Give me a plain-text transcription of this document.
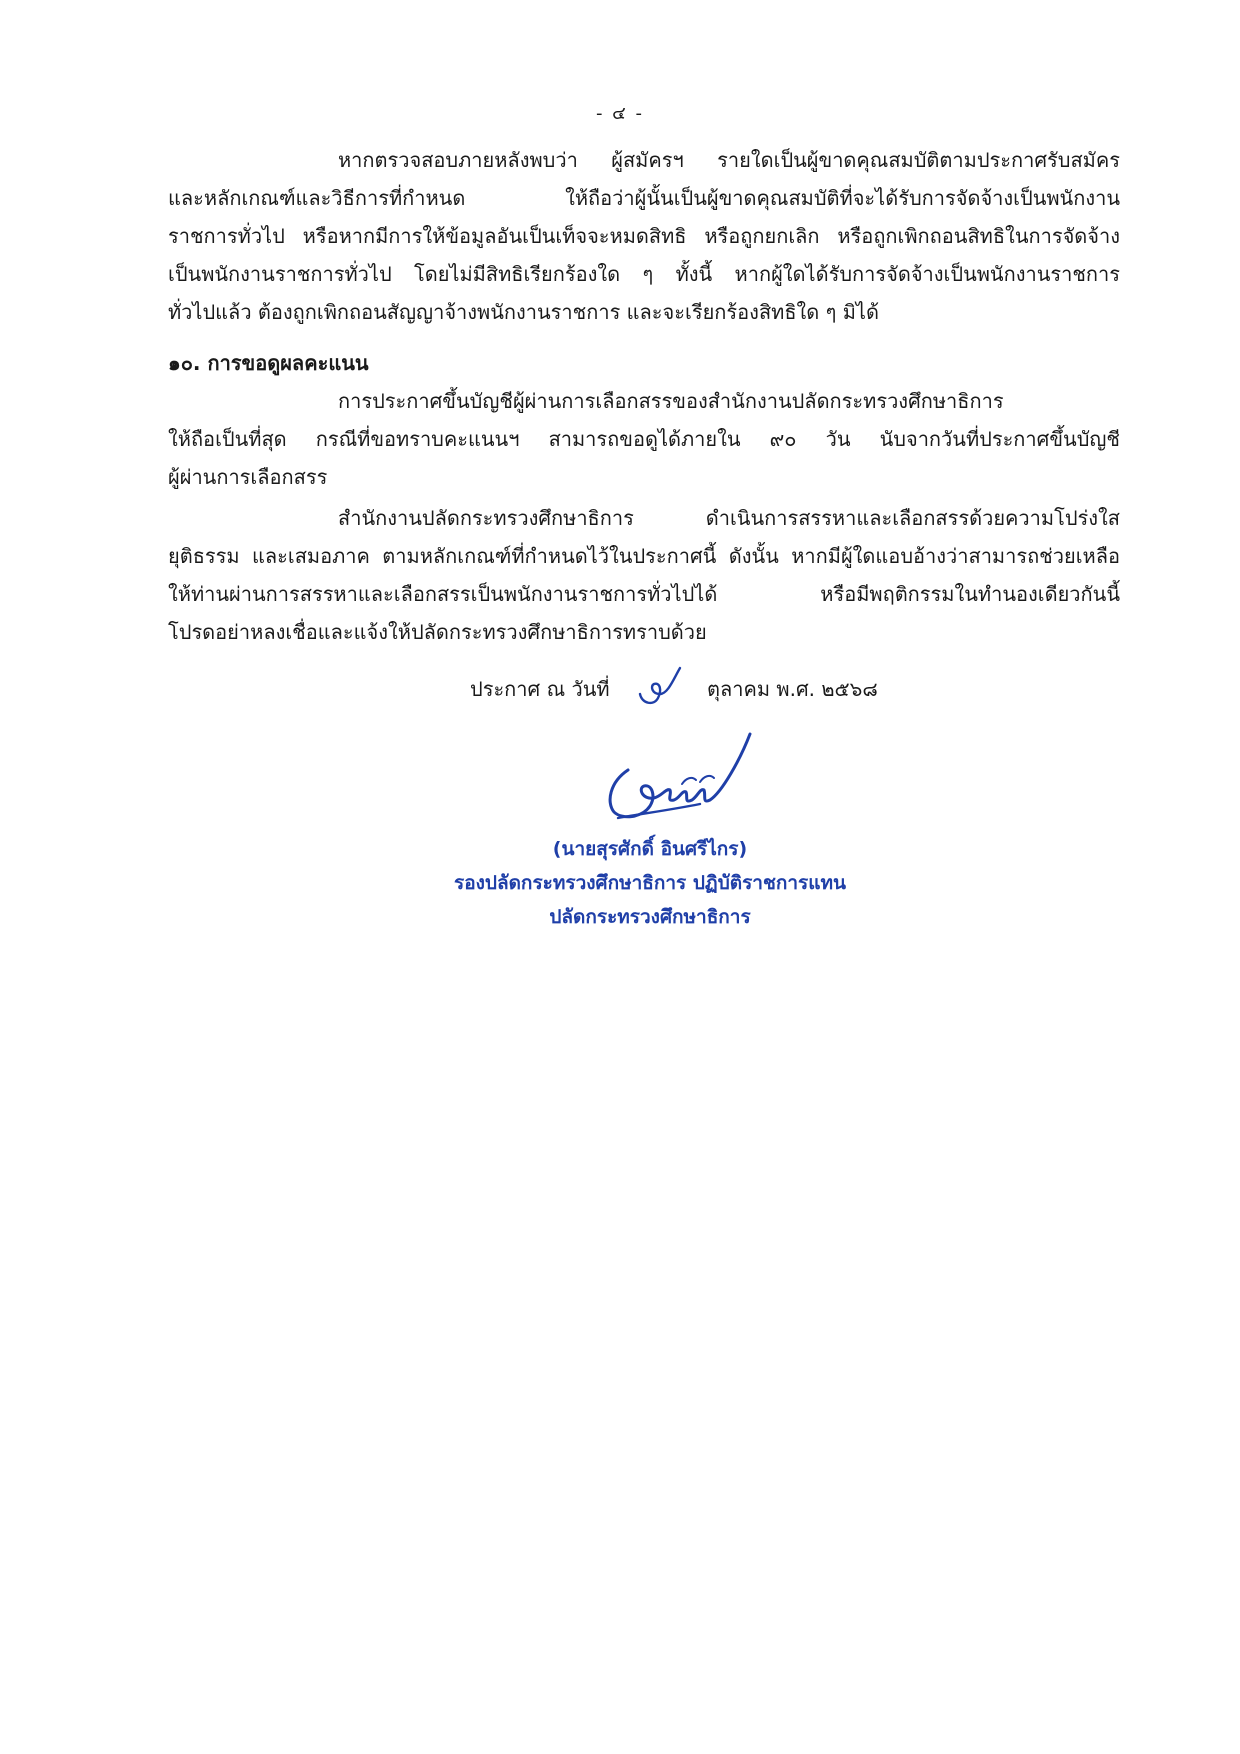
- ๔ -
หากตรวจสอบภายหลังพบว่า ผู้สมัครฯ รายใดเป็นผู้ขาดคุณสมบัติตามประกาศรับสมัคร
และหลักเกณฑ์และวิธีการที่กำหนด ให้ถือว่าผู้นั้นเป็นผู้ขาดคุณสมบัติที่จะได้รับการจัดจ้างเป็นพนักงาน
ราชการทั่วไป หรือหากมีการให้ข้อมูลอันเป็นเท็จจะหมดสิทธิ หรือถูกยกเลิก หรือถูกเพิกถอนสิทธิในการจัดจ้าง
เป็นพนักงานราชการทั่วไป โดยไม่มีสิทธิเรียกร้องใด ๆ ทั้งนี้ หากผู้ใดได้รับการจัดจ้างเป็นพนักงานราชการ
ทั่วไปแล้ว ต้องถูกเพิกถอนสัญญาจ้างพนักงานราชการ และจะเรียกร้องสิทธิใด ๆ มิได้
๑๐. การขอดูผลคะแนน
การประกาศขึ้นบัญชีผู้ผ่านการเลือกสรรของสำนักงานปลัดกระทรวงศึกษาธิการ
ให้ถือเป็นที่สุด กรณีที่ขอทราบคะแนนฯ สามารถขอดูได้ภายใน ๙๐ วัน นับจากวันที่ประกาศขึ้นบัญชี
ผู้ผ่านการเลือกสรร
สำนักงานปลัดกระทรวงศึกษาธิการ ดำเนินการสรรหาและเลือกสรรด้วยความโปร่งใส
ยุติธรรม และเสมอภาค ตามหลักเกณฑ์ที่กำหนดไว้ในประกาศนี้ ดังนั้น หากมีผู้ใดแอบอ้างว่าสามารถช่วยเหลือ
ให้ท่านผ่านการสรรหาและเลือกสรรเป็นพนักงานราชการทั่วไปได้ หรือมีพฤติกรรมในทำนองเดียวกันนี้
โปรดอย่าหลงเชื่อและแจ้งให้ปลัดกระทรวงศึกษาธิการทราบด้วย
ประกาศ ณ วันที่	ตุลาคม พ.ศ. ๒๕๖๘
(นายสุรศักดิ์ อินศรีไกร)
รองปลัดกระทรวงศึกษาธิการ ปฏิบัติราชการแทน
ปลัดกระทรวงศึกษาธิการ
